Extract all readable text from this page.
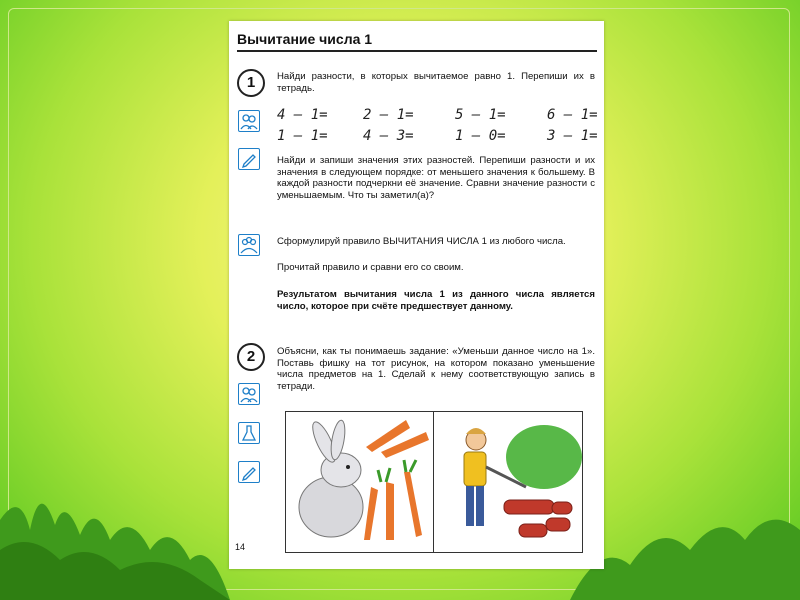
Вычитание числа 1
1	Найди разности, в которых вычитаемое равно 1. Перепиши их в тетрадь.
4 – 1=	2 – 1=	5 – 1=	6 – 1=
1 – 1=	4 – 3=	1 – 0=	3 – 1=
Найди и запиши значения этих разностей. Перепиши разности и их значения в следующем порядке: от меньшего значения к большему. В каждой разности подчеркни её значение. Сравни значение разности с уменьшаемым. Что ты заметил(а)?
Сформулируй правило ВЫЧИТАНИЯ ЧИСЛА 1 из любого числа.
Прочитай правило и сравни его со своим.
Результатом вычитания числа 1 из данного числа является число, которое при счёте предшествует данному.
2	Объясни, как ты понимаешь задание: «Уменьши данное число на 1». Поставь фишку на тот рисунок, на котором показано уменьшение числа предметов на 1. Сделай к нему соответствующую запись в тетради.
14
